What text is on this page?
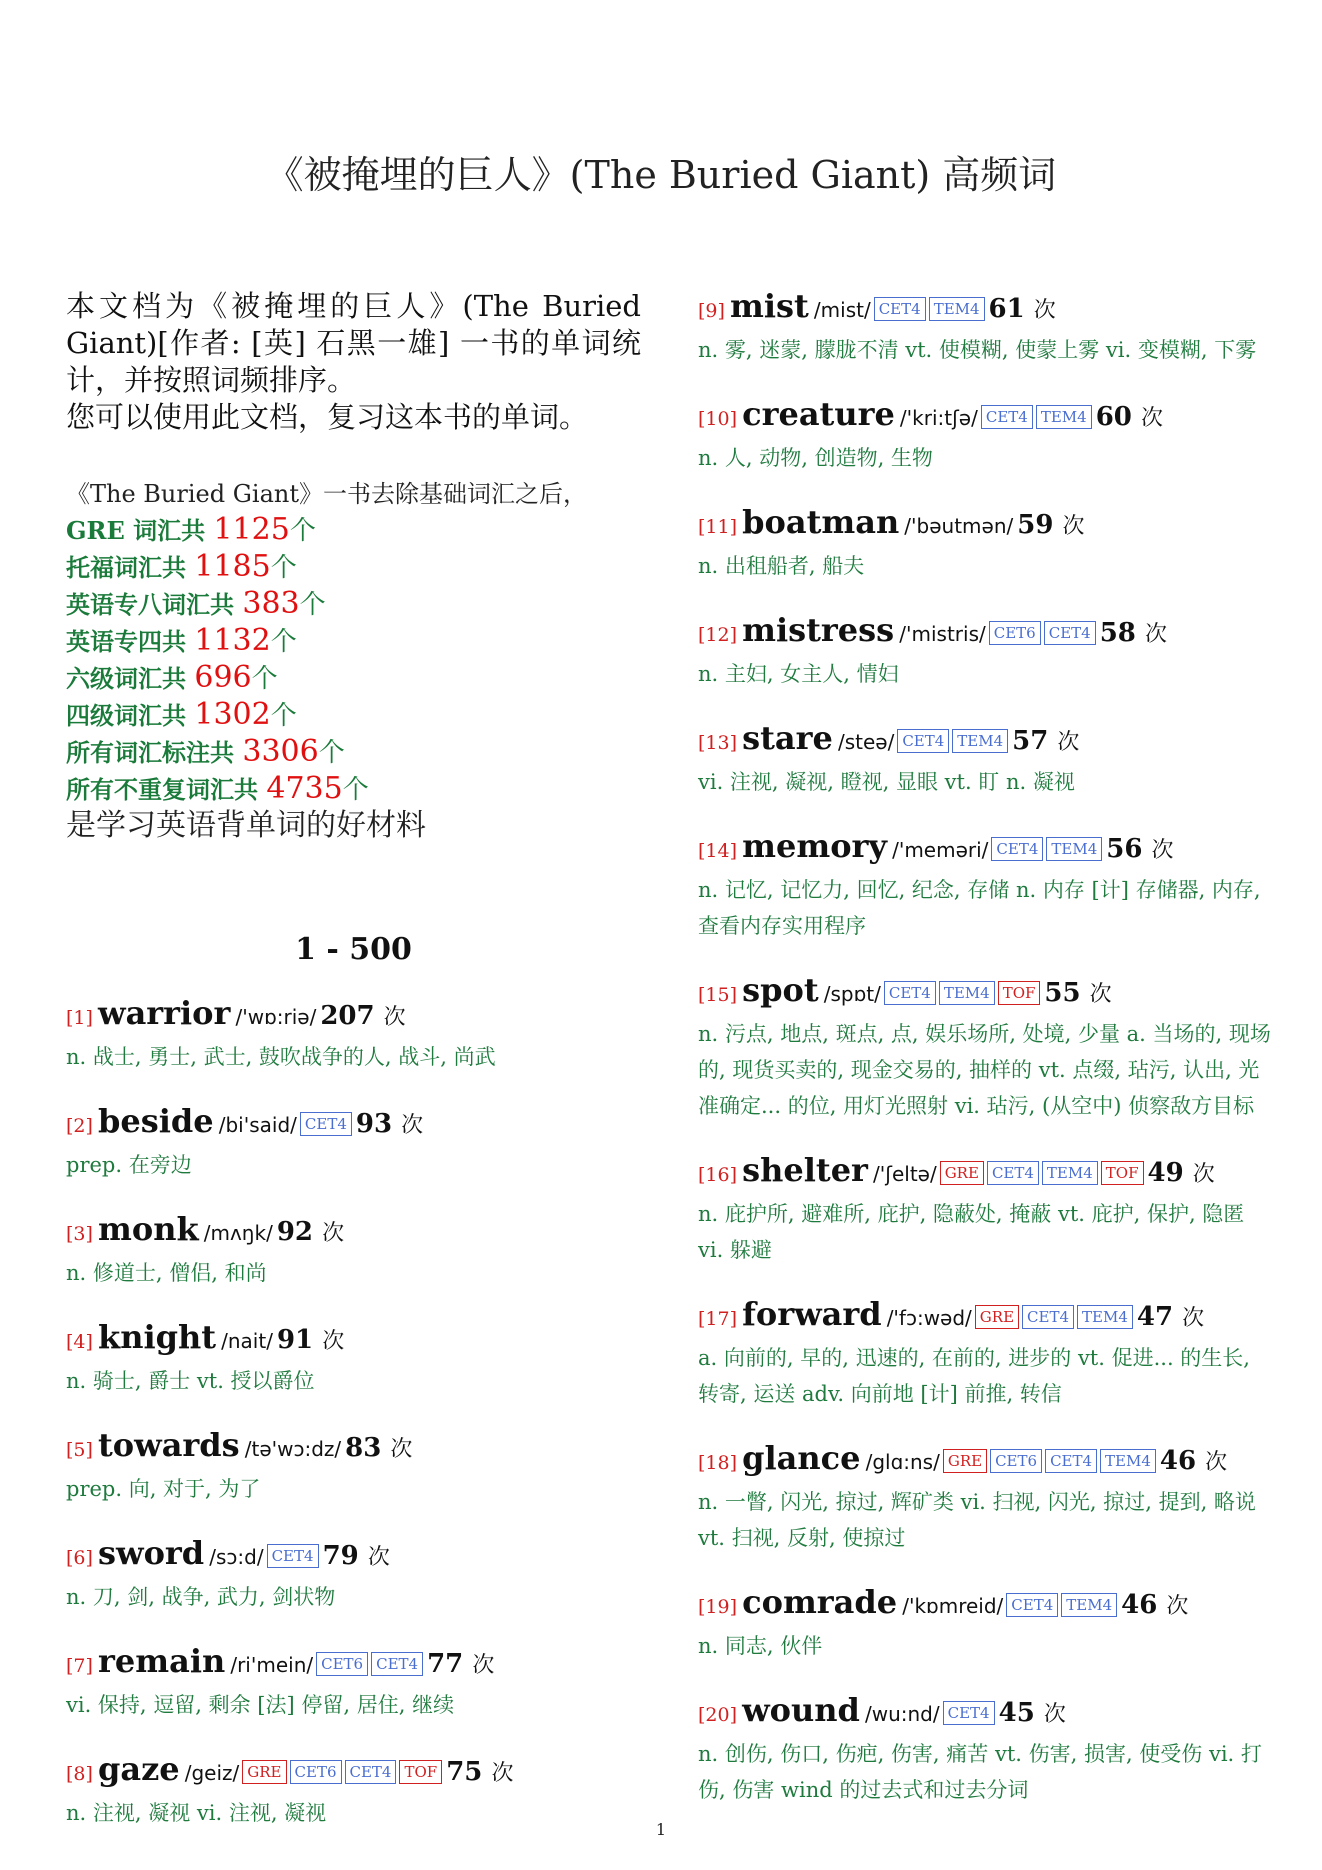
《被掩埋的巨人》(The Buried Giant) 高频词
本文档为《被掩埋的巨人》(The Buried Giant)[作者: [英] 石黑一雄] 一书的单词统计，并按照词频排序。
您可以使用此文档，复习这本书的单词。
《The Buried Giant》一书去除基础词汇之后，
GRE 词汇共 1125个
托福词汇共 1185个
英语专八词汇共 383个
英语专四共 1132个
六级词汇共 696个
四级词汇共 1302个
所有词汇标注共 3306个
所有不重复词汇共 4735个
是学习英语背单词的好材料
1 - 500
[1] warrior /'wɒ:riə/ 207 次
n. 战士, 勇士, 武士, 鼓吹战争的人, 战斗, 尚武
[2] beside /bi'said/ CET4 93 次
prep. 在旁边
[3] monk /mʌŋk/ 92 次
n. 修道士, 僧侣, 和尚
[4] knight /nait/ 91 次
n. 骑士, 爵士 vt. 授以爵位
[5] towards /tə'wɔ:dz/ 83 次
prep. 向, 对于, 为了
[6] sword /sɔ:d/ CET4 79 次
n. 刀, 剑, 战争, 武力, 剑状物
[7] remain /ri'mein/ CET6 CET4 77 次
vi. 保持, 逗留, 剩余 [法] 停留, 居住, 继续
[8] gaze /geiz/ GRE CET6 CET4 TOF 75 次
n. 注视, 凝视 vi. 注视, 凝视
[9] mist /mist/ CET4 TEM4 61 次
n. 雾, 迷蒙, 朦胧不清 vt. 使模糊, 使蒙上雾 vi. 变模糊, 下雾
[10] creature /'kri:tʃə/ CET4 TEM4 60 次
n. 人, 动物, 创造物, 生物
[11] boatman /'bəutmən/ 59 次
n. 出租船者, 船夫
[12] mistress /'mistris/ CET6 CET4 58 次
n. 主妇, 女主人, 情妇
[13] stare /steə/ CET4 TEM4 57 次
vi. 注视, 凝视, 瞪视, 显眼 vt. 盯 n. 凝视
[14] memory /'meməri/ CET4 TEM4 56 次
n. 记忆, 记忆力, 回忆, 纪念, 存储 n. 内存 [计] 存储器, 内存, 查看内存实用程序
[15] spot /spɒt/ CET4 TEM4 TOF 55 次
n. 污点, 地点, 斑点, 点, 娱乐场所, 处境, 少量 a. 当场的, 现场的, 现货买卖的, 现金交易的, 抽样的 vt. 点缀, 玷污, 认出, 光准确定... 的位, 用灯光照射 vi. 玷污, (从空中) 侦察敌方目标
[16] shelter /'ʃeltə/ GRE CET4 TEM4 TOF 49 次
n. 庇护所, 避难所, 庇护, 隐蔽处, 掩蔽 vt. 庇护, 保护, 隐匿 vi. 躲避
[17] forward /'fɔ:wəd/ GRE CET4 TEM4 47 次
a. 向前的, 早的, 迅速的, 在前的, 进步的 vt. 促进... 的生长, 转寄, 运送 adv. 向前地 [计] 前推, 转信
[18] glance /glɑ:ns/ GRE CET6 CET4 TEM4 46 次
n. 一瞥, 闪光, 掠过, 辉矿类 vi. 扫视, 闪光, 掠过, 提到, 略说 vt. 扫视, 反射, 使掠过
[19] comrade /'kɒmreid/ CET4 TEM4 46 次
n. 同志, 伙伴
[20] wound /wu:nd/ CET4 45 次
n. 创伤, 伤口, 伤疤, 伤害, 痛苦 vt. 伤害, 损害, 使受伤 vi. 打伤, 伤害 wind 的过去式和过去分词
1
